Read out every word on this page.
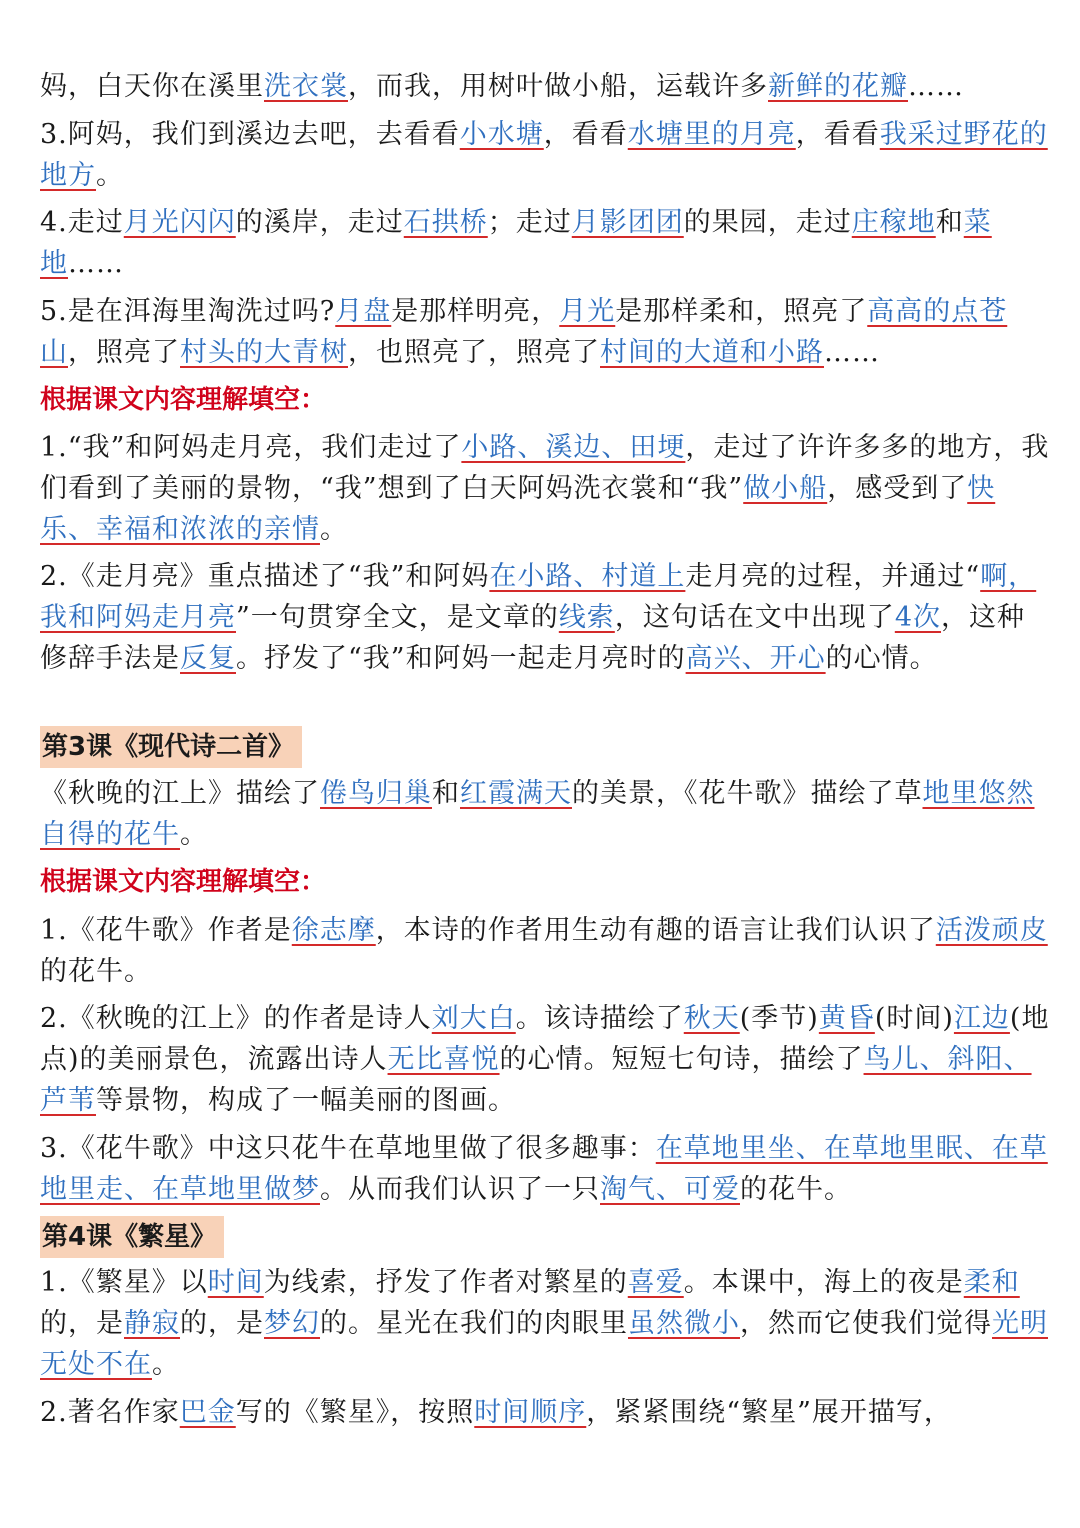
妈，白天你在溪里洗衣裳，而我，用树叶做小船，运载许多新鲜的花瓣……

3.阿妈，我们到溪边去吧，去看看小水塘，看看水塘里的月亮，看看我采过野花的地方。

4.走过月光闪闪的溪岸，走过石拱桥；走过月影团团的果园，走过庄稼地和菜地……

5.是在洱海里淘洗过吗?月盘是那样明亮，月光是那样柔和，照亮了高高的点苍山，照亮了村头的大青树，也照亮了，照亮了村间的大道和小路……

根据课文内容理解填空：

1.“我”和阿妈走月亮，我们走过了小路、溪边、田埂，走过了许许多多的地方，我们看到了美丽的景物，“我”想到了白天阿妈洗衣裳和“我”做小船，感受到了快乐、幸福和浓浓的亲情。

2.《走月亮》重点描述了“我”和阿妈在小路、村道上走月亮的过程，并通过“啊，我和阿妈走月亮”一句贯穿全文，是文章的线索，这句话在文中出现了4次，这种修辞手法是反复。抒发了“我”和阿妈一起走月亮时的高兴、开心的心情。

第3课《现代诗二首》

《秋晚的江上》描绘了倦鸟归巢和红霞满天的美景，《花牛歌》描绘了草地里悠然自得的花牛。

根据课文内容理解填空：

1.《花牛歌》作者是徐志摩，本诗的作者用生动有趣的语言让我们认识了活泼顽皮的花牛。

2.《秋晚的江上》的作者是诗人刘大白。该诗描绘了秋天(季节)黄昏(时间)江边(地点)的美丽景色，流露出诗人无比喜悦的心情。短短七句诗，描绘了鸟儿、斜阳、芦苇等景物，构成了一幅美丽的图画。

3.《花牛歌》中这只花牛在草地里做了很多趣事：在草地里坐、在草地里眠、在草地里走、在草地里做梦。从而我们认识了一只淘气、可爱的花牛。

第4课《繁星》

1.《繁星》以时间为线索，抒发了作者对繁星的喜爱。本课中，海上的夜是柔和的，是静寂的，是梦幻的。星光在我们的肉眼里虽然微小，然而它使我们觉得光明无处不在。

2.著名作家巴金写的《繁星》，按照时间顺序，紧紧围绕“繁星”展开描写，
